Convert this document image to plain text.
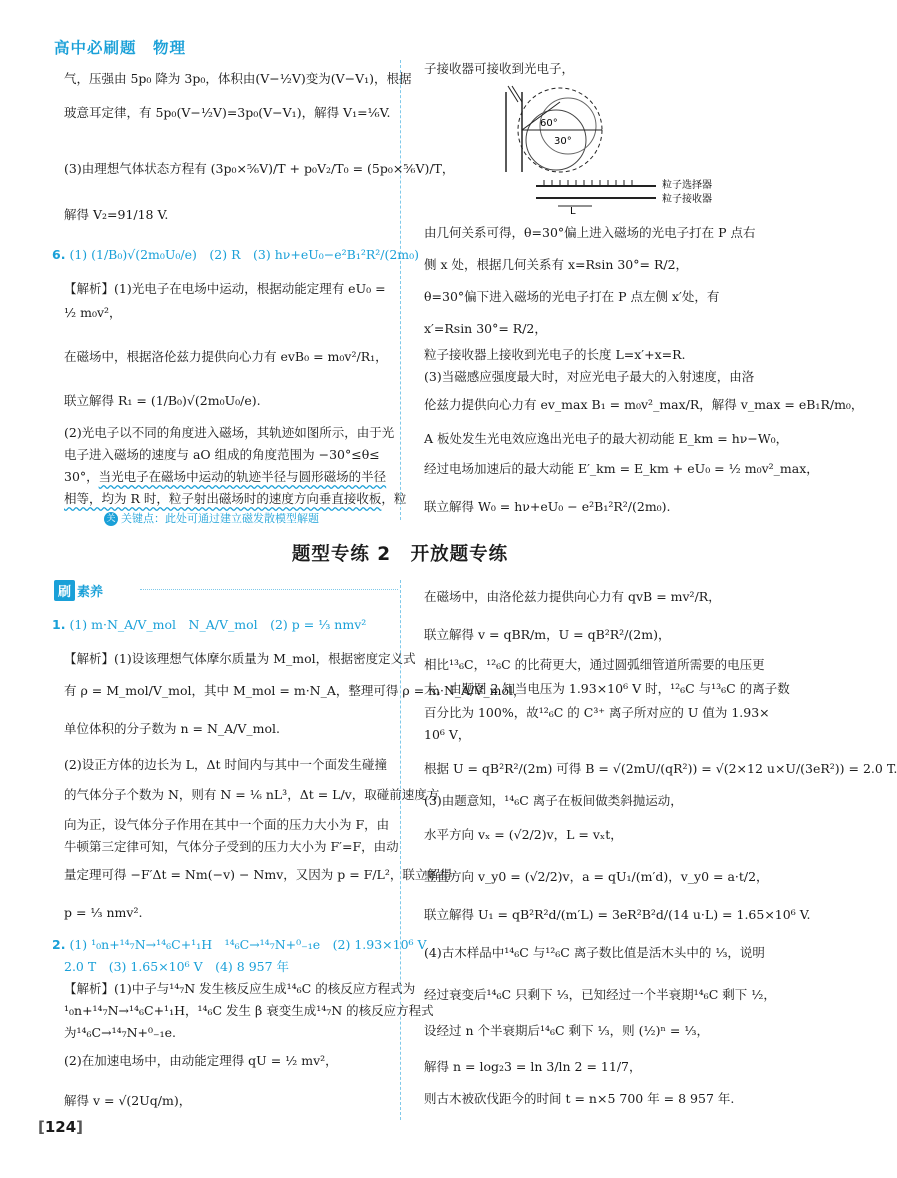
高中必刷题　物理
气，压强由 5p₀ 降为 3p₀，体积由(V−½V)变为(V−V₁)，根据
玻意耳定律，有 5p₀(V−½V)=3p₀(V−V₁)，解得 V₁=⅙V.
(3)由理想气体状态方程有 (3p₀×⅚V)/T + p₀V₂/T₀ = (5p₀×⅚V)/T，
解得 V₂=91/18 V.
6. (1) (1/B₀)√(2m₀U₀/e)　(2) R　(3) hν+eU₀−e²B₁²R²/(2m₀)
【解析】(1)光电子在电场中运动，根据动能定理有 eU₀ =
½ m₀v²，
在磁场中，根据洛伦兹力提供向心力有 evB₀ = m₀v²/R₁，
联立解得 R₁ = (1/B₀)√(2m₀U₀/e).
(2)光电子以不同的角度进入磁场，其轨迹如图所示，由于光
电子进入磁场的速度与 aO 组成的角度范围为 −30°≤θ≤
30°，当光电子在磁场中运动的轨迹半径与圆形磁场的半径
相等，均为 R 时，粒子射出磁场时的速度方向垂直接收板，粒
关 关键点：此处可通过建立磁发散模型解题
子接收器可接收到光电子，
60°
30°
L
粒子选择器
粒子接收器
由几何关系可得，θ=30°偏上进入磁场的光电子打在 P 点右
侧 x 处，根据几何关系有 x=Rsin 30°= R/2，
θ=30°偏下进入磁场的光电子打在 P 点左侧 x′处，有
x′=Rsin 30°= R/2，
粒子接收器上接收到光电子的长度 L=x′+x=R.
(3)当磁感应强度最大时，对应光电子最大的入射速度，由洛
伦兹力提供向心力有 ev_max B₁ = m₀v²_max/R，解得 v_max = eB₁R/m₀，
A 板处发生光电效应逸出光电子的最大初动能 E_km = hν−W₀，
经过电场加速后的最大动能 E′_km = E_km + eU₀ = ½ m₀v²_max，
联立解得 W₀ = hν+eU₀ − e²B₁²R²/(2m₀).
题型专练 2　开放题专练
刷 素养
1. (1) m·N_A/V_mol　N_A/V_mol　(2) p = ⅓ nmv²
【解析】(1)设该理想气体摩尔质量为 M_mol，根据密度定义式
有 ρ = M_mol/V_mol，其中 M_mol = m·N_A，整理可得 ρ = m·N_A/V_mol，
单位体积的分子数为 n = N_A/V_mol.
(2)设正方体的边长为 L，Δt 时间内与其中一个面发生碰撞
的气体分子个数为 N，则有 N = ⅙ nL³，Δt = L/v，取碰前速度方
向为正，设气体分子作用在其中一个面的压力大小为 F，由
牛顿第三定律可知，气体分子受到的压力大小为 F′=F，由动
量定理可得 −F′Δt = Nm(−v) − Nmv，又因为 p = F/L²，联立解得
p = ⅓ nmv².
2. (1) ¹₀n+¹⁴₇N→¹⁴₆C+¹₁H　¹⁴₆C→¹⁴₇N+⁰₋₁e　(2) 1.93×10⁶ V
2.0 T　(3) 1.65×10⁶ V　(4) 8 957 年
【解析】(1)中子与¹⁴₇N 发生核反应生成¹⁴₆C 的核反应方程式为
¹₀n+¹⁴₇N→¹⁴₆C+¹₁H，¹⁴₆C 发生 β 衰变生成¹⁴₇N 的核反应方程式
为¹⁴₆C→¹⁴₇N+⁰₋₁e.
(2)在加速电场中，由动能定理得 qU = ½ mv²，
解得 v = √(2Uq/m)，
在磁场中，由洛伦兹力提供向心力有 qvB = mv²/R，
联立解得 v = qBR/m，U = qB²R²/(2m)，
相比¹³₆C，¹²₆C 的比荷更大，通过圆弧细管道所需要的电压更
大，由题图 2 知当电压为 1.93×10⁶ V 时，¹²₆C 与¹³₆C 的离子数
百分比为 100%，故¹²₆C 的 C³⁺ 离子所对应的 U 值为 1.93×
10⁶ V，
根据 U = qB²R²/(2m) 可得 B = √(2mU/(qR²)) = √(2×12 u×U/(3eR²)) = 2.0 T.
(3)由题意知，¹⁴₆C 离子在板间做类斜抛运动，
水平方向 vₓ = (√2/2)v，L = vₓt，
竖直方向 v_y0 = (√2/2)v，a = qU₁/(m′d)，v_y0 = a·t/2，
联立解得 U₁ = qB²R²d/(m′L) = 3eR²B²d/(14 u·L) = 1.65×10⁶ V.
(4)古木样品中¹⁴₆C 与¹²₆C 离子数比值是活木头中的 ⅓，说明
经过衰变后¹⁴₆C 只剩下 ⅓，已知经过一个半衰期¹⁴₆C 剩下 ½，
设经过 n 个半衰期后¹⁴₆C 剩下 ⅓，则 (½)ⁿ = ⅓，
解得 n = log₂3 = ln 3/ln 2 = 11/7，
则古木被砍伐距今的时间 t = n×5 700 年 = 8 957 年.
[124]
